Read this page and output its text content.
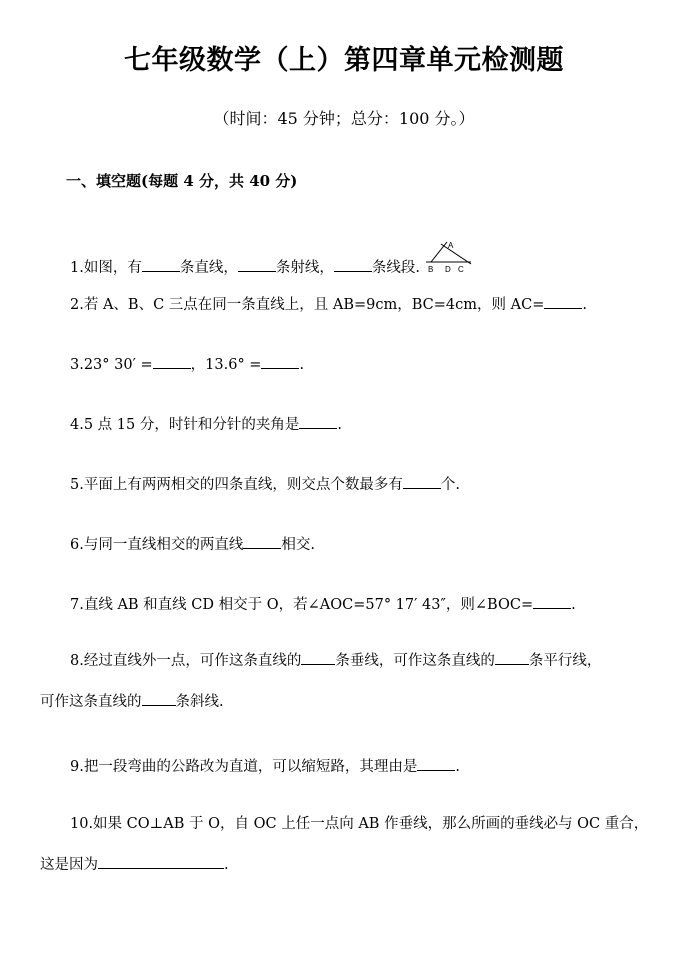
七年级数学（上）第四章单元检测题
（时间：45 分钟；总分：100 分。）
一、填空题(每题 4 分，共 40 分)
1.如图，有	条直线，	条射线，	条线段.
A
B D C
2.若 A、B、C 三点在同一条直线上，且 AB=9cm，BC=4cm，则 AC=	.
3.23° 30′ =	，13.6° =	.
4.5 点 15 分，时针和分针的夹角是	.
5.平面上有两两相交的四条直线，则交点个数最多有	个.
6.与同一直线相交的两直线	相交.
7.直线 AB 和直线 CD 相交于 O，若∠AOC=57° 17′ 43″，则∠BOC=	.
8.经过直线外一点，可作这条直线的 条垂线，可作这条直线的 条平行线，
可作这条直线的 条斜线.
9.把一段弯曲的公路改为直道，可以缩短路，其理由是	.
10.如果 CO⊥AB 于 O，自 OC 上任一点向 AB 作垂线，那么所画的垂线必与 OC 重合，
这是因为	.
